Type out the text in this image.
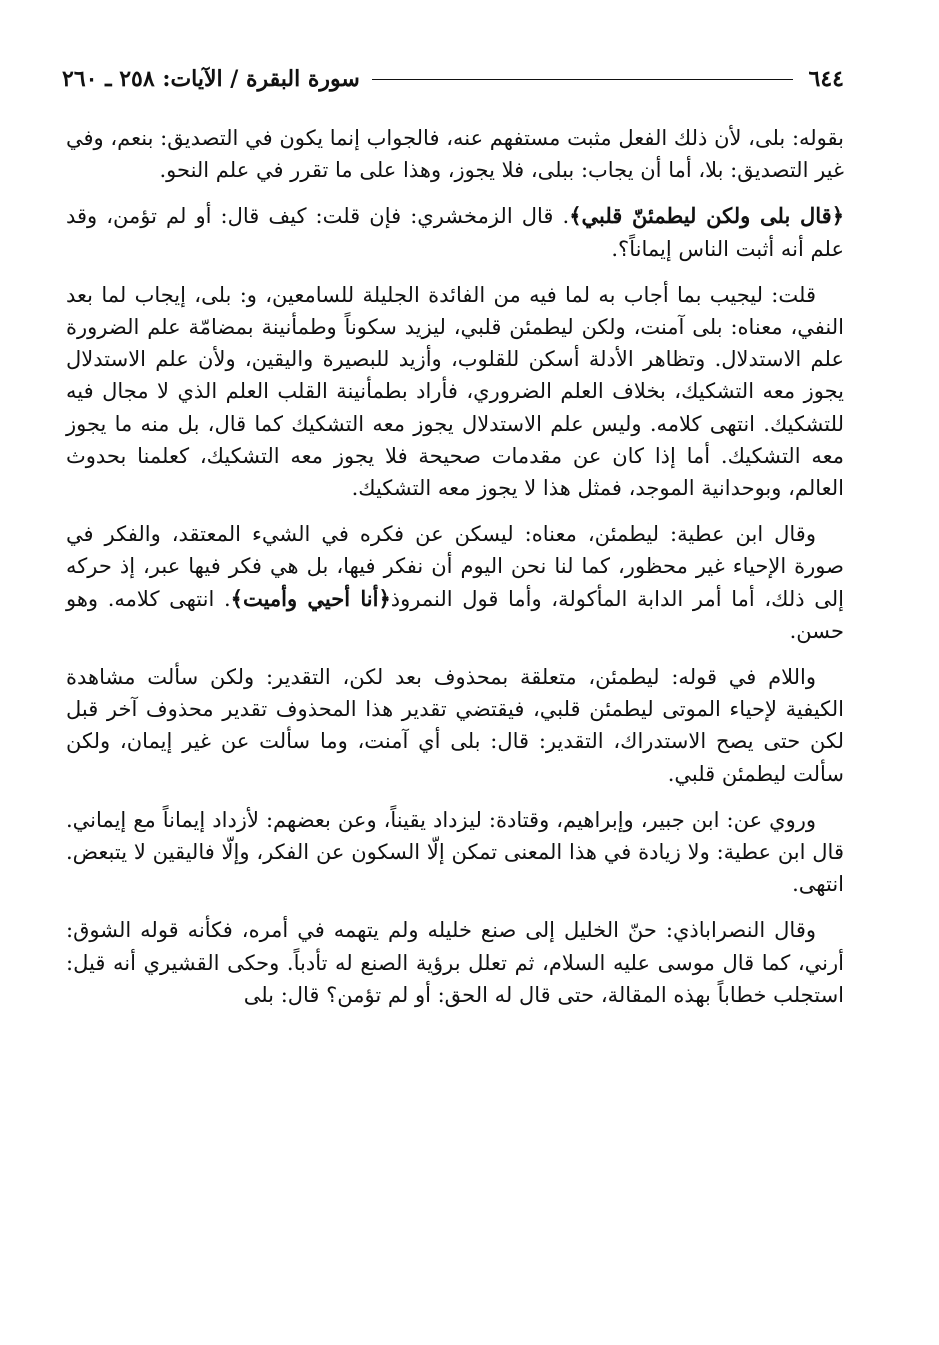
٦٤٤
سورة البقرة / الآيات: ٢٥٨ ـ ٢٦٠

بقوله: بلى، لأن ذلك الفعل مثبت مستفهم عنه، فالجواب إنما يكون في التصديق: بنعم، وفي غير التصديق: بلا، أما أن يجاب: ببلى، فلا يجوز، وهذا على ما تقرر في علم النحو.

﴿قال بلى ولكن ليطمئنّ قلبي﴾. قال الزمخشري: فإن قلت: كيف قال: أو لم تؤمن، وقد علم أنه أثبت الناس إيماناً؟.

قلت: ليجيب بما أجاب به لما فيه من الفائدة الجليلة للسامعين، و: بلى، إيجاب لما بعد النفي، معناه: بلى آمنت، ولكن ليطمئن قلبي، ليزيد سكوناً وطمأنينة بمضامّة علم الضرورة علم الاستدلال. وتظاهر الأدلة أسكن للقلوب، وأزيد للبصيرة واليقين، ولأن علم الاستدلال يجوز معه التشكيك، بخلاف العلم الضروري، فأراد بطمأنينة القلب العلم الذي لا مجال فيه للتشكيك. انتهى كلامه. وليس علم الاستدلال يجوز معه التشكيك كما قال، بل منه ما يجوز معه التشكيك. أما إذا كان عن مقدمات صحيحة فلا يجوز معه التشكيك، كعلمنا بحدوث العالم، وبوحدانية الموجد، فمثل هذا لا يجوز معه التشكيك.

وقال ابن عطية: ليطمئن، معناه: ليسكن عن فكره في الشيء المعتقد، والفكر في صورة الإحياء غير محظور، كما لنا نحن اليوم أن نفكر فيها، بل هي فكر فيها عبر، إذ حركه إلى ذلك، أما أمر الدابة المأكولة، وأما قول النمروذ﴿أنا أحيي وأميت﴾. انتهى كلامه. وهو حسن.

واللام في قوله: ليطمئن، متعلقة بمحذوف بعد لكن، التقدير: ولكن سألت مشاهدة الكيفية لإحياء الموتى ليطمئن قلبي، فيقتضي تقدير هذا المحذوف تقدير محذوف آخر قبل لكن حتى يصح الاستدراك، التقدير: قال: بلى أي آمنت، وما سألت عن غير إيمان، ولكن سألت ليطمئن قلبي.

وروي عن: ابن جبير، وإبراهيم، وقتادة: ليزداد يقيناً، وعن بعضهم: لأزداد إيماناً مع إيماني. قال ابن عطية: ولا زيادة في هذا المعنى تمكن إلّا السكون عن الفكر، وإلّا فاليقين لا يتبعض. انتهى.

وقال النصراباذي: حنّ الخليل إلى صنع خليله ولم يتهمه في أمره، فكأنه قوله الشوق: أرني، كما قال موسى عليه السلام، ثم تعلل برؤية الصنع له تأدباً. وحكى القشيري أنه قيل: استجلب خطاباً بهذه المقالة، حتى قال له الحق: أو لم تؤمن؟ قال: بلى
